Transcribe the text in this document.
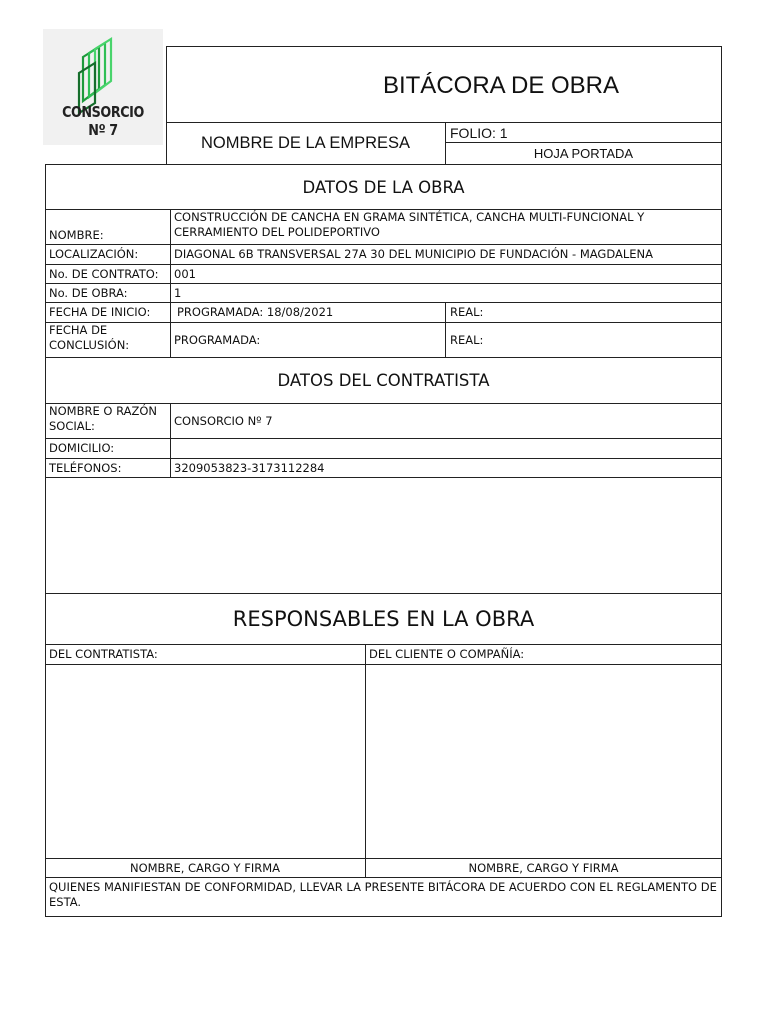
CONSORCIO Nº 7
BITÁCORA DE OBRA
NOMBRE DE LA EMPRESA
FOLIO: 1
HOJA PORTADA
DATOS DE LA OBRA
NOMBRE:
CONSTRUCCIÓN DE CANCHA EN GRAMA SINTÉTICA, CANCHA MULTI-FUNCIONAL Y CERRAMIENTO DEL POLIDEPORTIVO
LOCALIZACIÓN:	DIAGONAL 6B TRANSVERSAL 27A 30 DEL MUNICIPIO DE FUNDACIÓN - MAGDALENA
No. DE CONTRATO:	001
No. DE OBRA:	1
FECHA DE INICIO:	PROGRAMADA: 18/08/2021	REAL:
FECHA DE CONCLUSIÓN:	PROGRAMADA:	REAL:
DATOS DEL CONTRATISTA
NOMBRE O RAZÓN SOCIAL:	CONSORCIO Nº 7
DOMICILIO:
TELÉFONOS:	3209053823-3173112284
RESPONSABLES EN LA OBRA
DEL CONTRATISTA:	DEL CLIENTE O COMPAÑÍA:
NOMBRE, CARGO Y FIRMA	NOMBRE, CARGO Y FIRMA
QUIENES MANIFIESTAN DE CONFORMIDAD, LLEVAR LA PRESENTE BITÁCORA DE ACUERDO CON EL REGLAMENTO DE ESTA.
